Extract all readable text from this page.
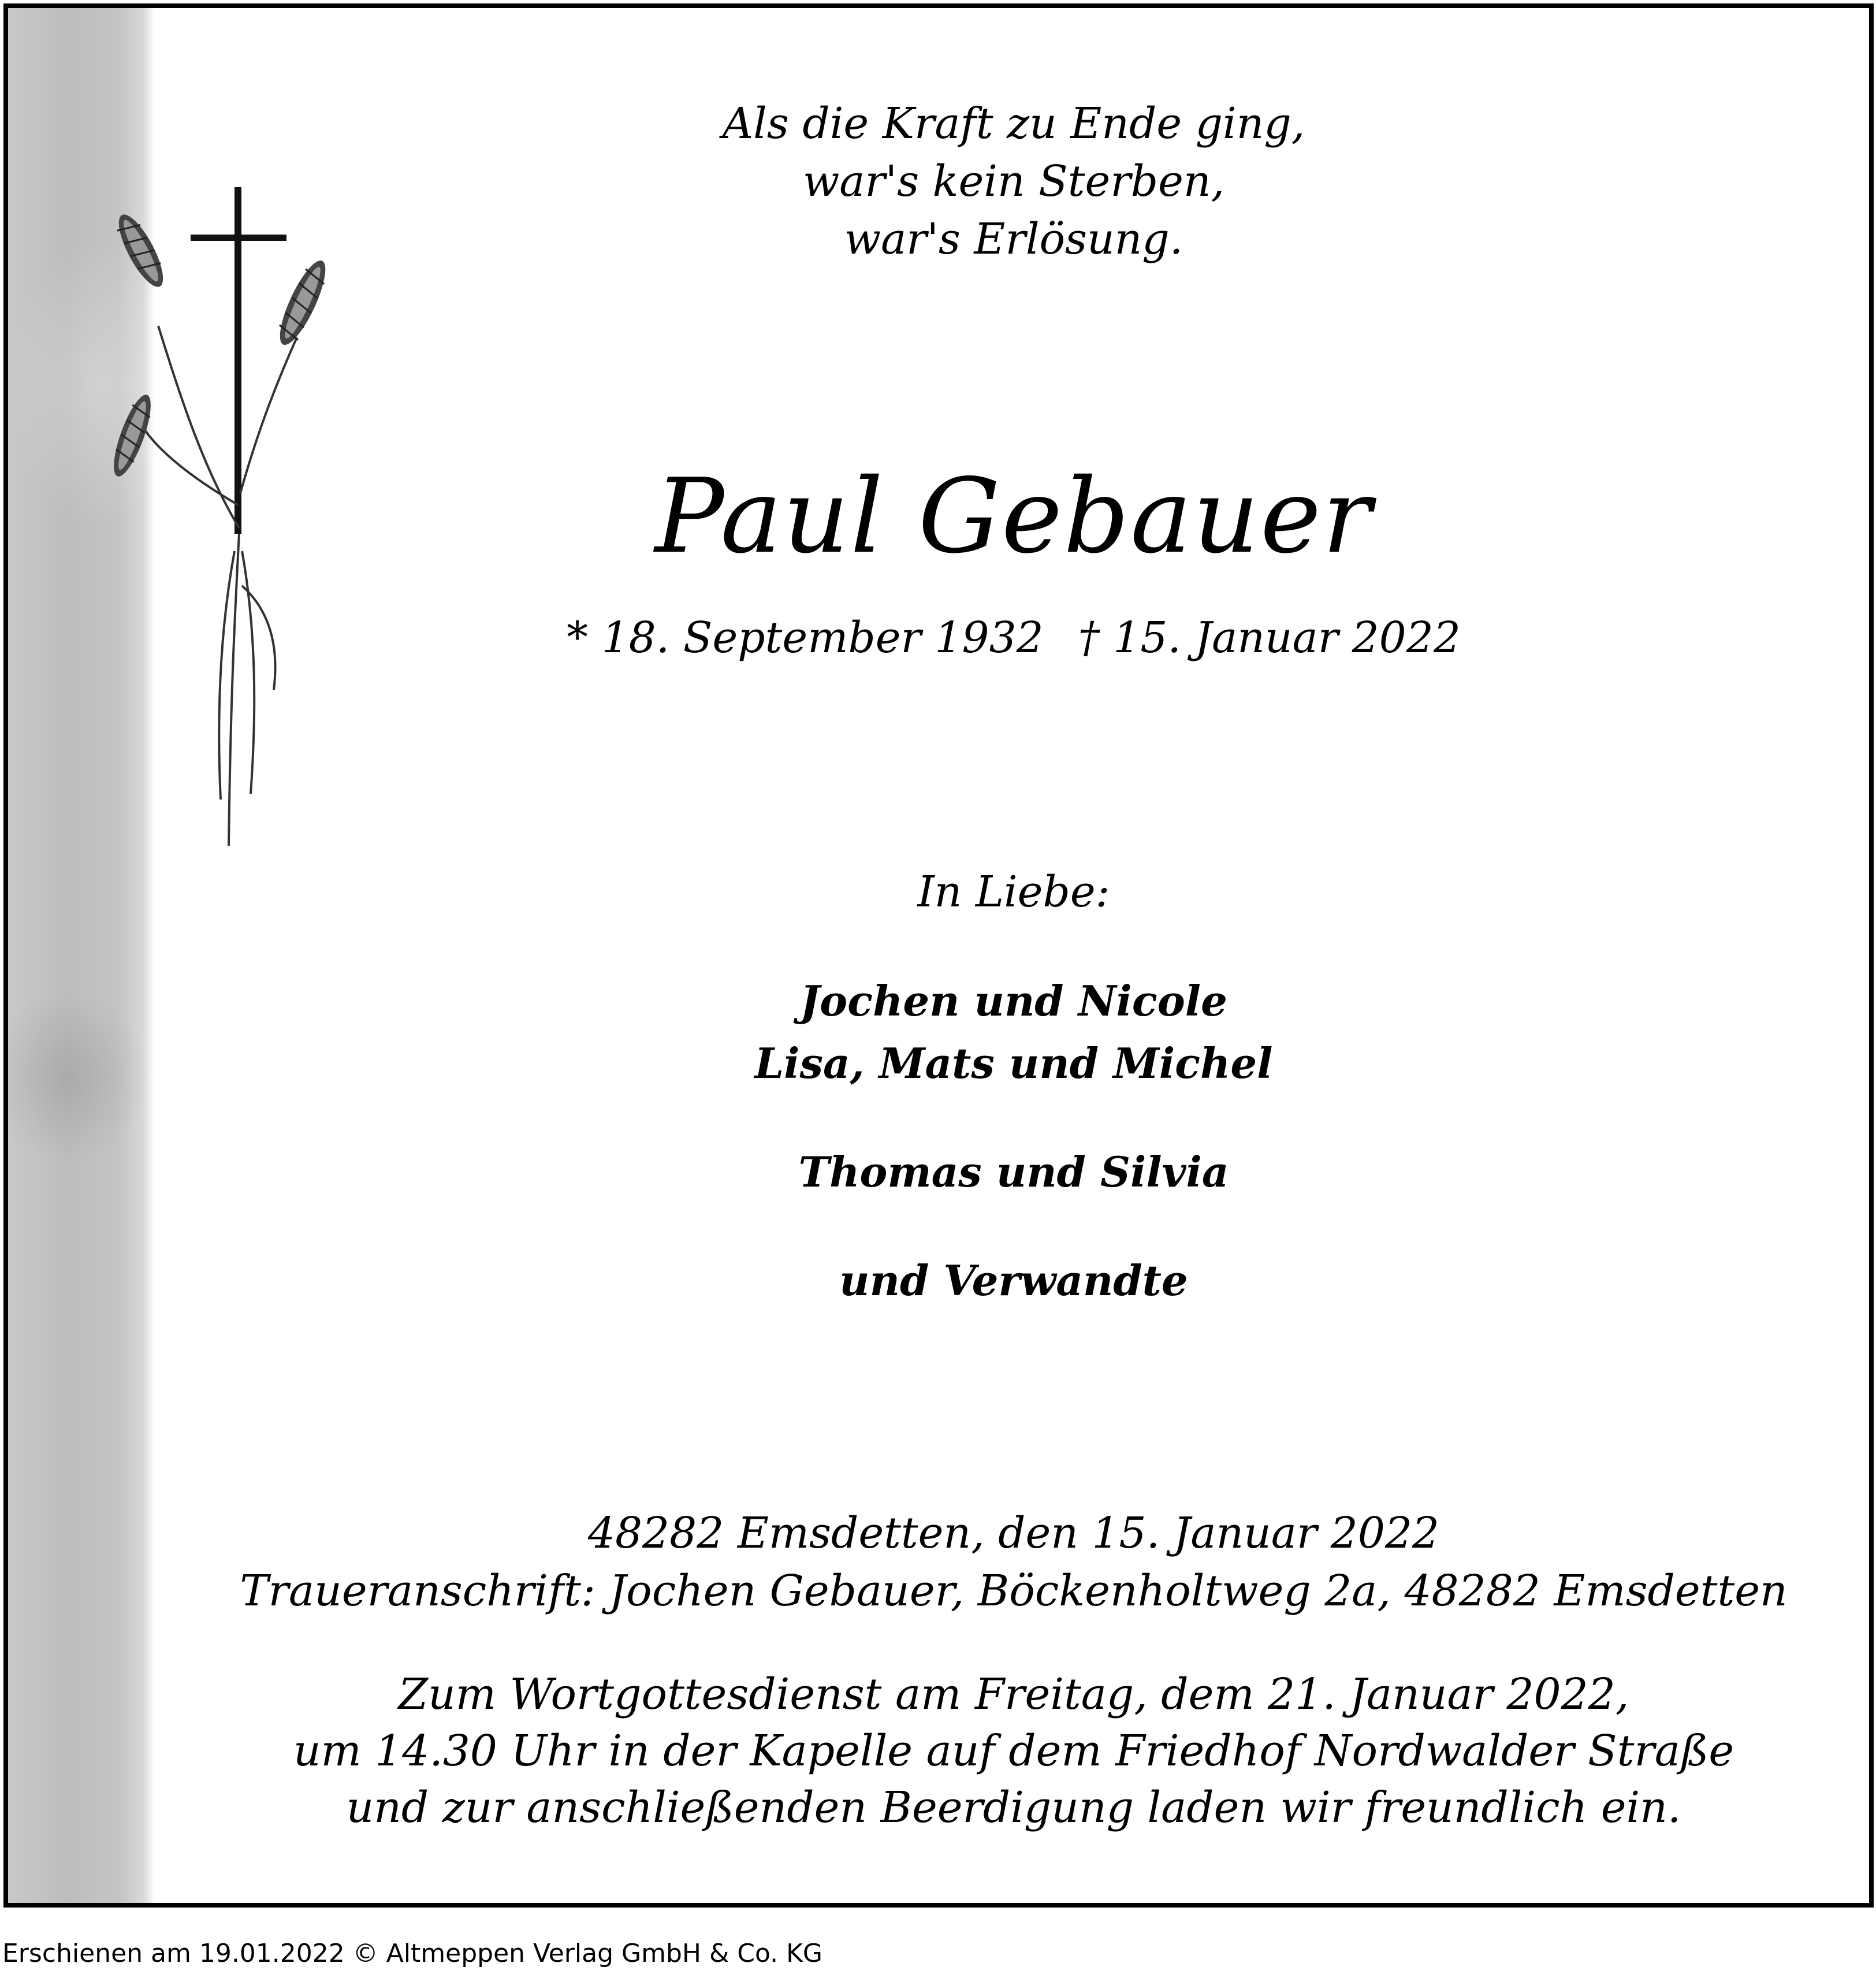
Als die Kraft zu Ende ging,
war's kein Sterben,
war's Erlösung.
Paul Gebauer
* 18. September 1932 † 15. Januar 2022
In Liebe:
Jochen und Nicole
Lisa, Mats und Michel
Thomas und Silvia
und Verwandte
48282 Emsdetten, den 15. Januar 2022
Traueranschrift: Jochen Gebauer, Böckenholtweg 2a, 48282 Emsdetten
Zum Wortgottesdienst am Freitag, dem 21. Januar 2022,
um 14.30 Uhr in der Kapelle auf dem Friedhof Nordwalder Straße
und zur anschließenden Beerdigung laden wir freundlich ein.
Erschienen am 19.01.2022 © Altmeppen Verlag GmbH & Co. KG
